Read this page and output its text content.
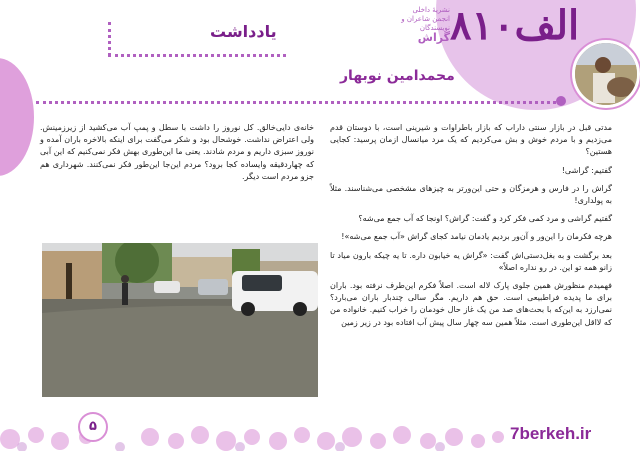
الف۸۱۰
نشریهٔ داخلی
انجمن شاعران و نویسندگان
گراش
یادداشت
محمدامین نوبهار

مدتی قبل در بازار سنتی داراب که بازار باطراوات و شیرینی است، با دوستان قدم می‌زدیم و با مردم خوش و بش می‌کردیم که یک مرد میانسال ازمان پرسید: کجایی هستین؟

گفتیم: گراشی!

گراش را در فارس و هرمزگان و حتی این‌ورتر به چیزهای مشخصی می‌شناسند. مثلاً به پولداری!

گفتیم گراشی و مرد کمی فکر کرد و گفت: گراش؟ اونجا که آب جمع می‌شه؟

هرچه فکرمان را این‌ور و آن‌ور بردیم یادمان نیامد کجای گراش «آب جمع می‌شه»!

بعد برگشت و به بغل‌دستی‌اش گفت: «گراش یه خیابون داره. تا یه چیکه بارون میاد تا زانو همه تو این. در رو نداره اصلاً»

فهمیدم منظورش همین جلوی پارک لاله است. اصلاً فکرم این‌طرف نرفته بود. باران برای ما پدیده فراطبیعی است. حق هم داریم. مگر سالی چندبار باران می‌بارد؟ نمی‌ارزد به این‌که با بحث‌های صد من یک غاز حال خودمان را خراب کنیم. خانواده من که لااقل این‌طوری است. مثلاً همین سه چهار سال پیش آب افتاده بود در زیر زمین

خانه‌ی دایی‌خالق. کل نوروز را داشت با سطل و پمپ آب می‌کشید از زیرزمینش. ولی اعتراض نداشت. خوشحال بود و شکر می‌گفت برای اینکه بالاخره باران آمده و نوروز سبزی داریم و مردم شادند. یعنی ما این‌طوری بهش فکر نمی‌کنیم که این آبی که چهاردقیقه وایساده کجا برود؟ مردم این‌جا این‌طور فکر نمی‌کنند. شهرداری هم جزو مردم است دیگر.

۵	7berkeh.ir
